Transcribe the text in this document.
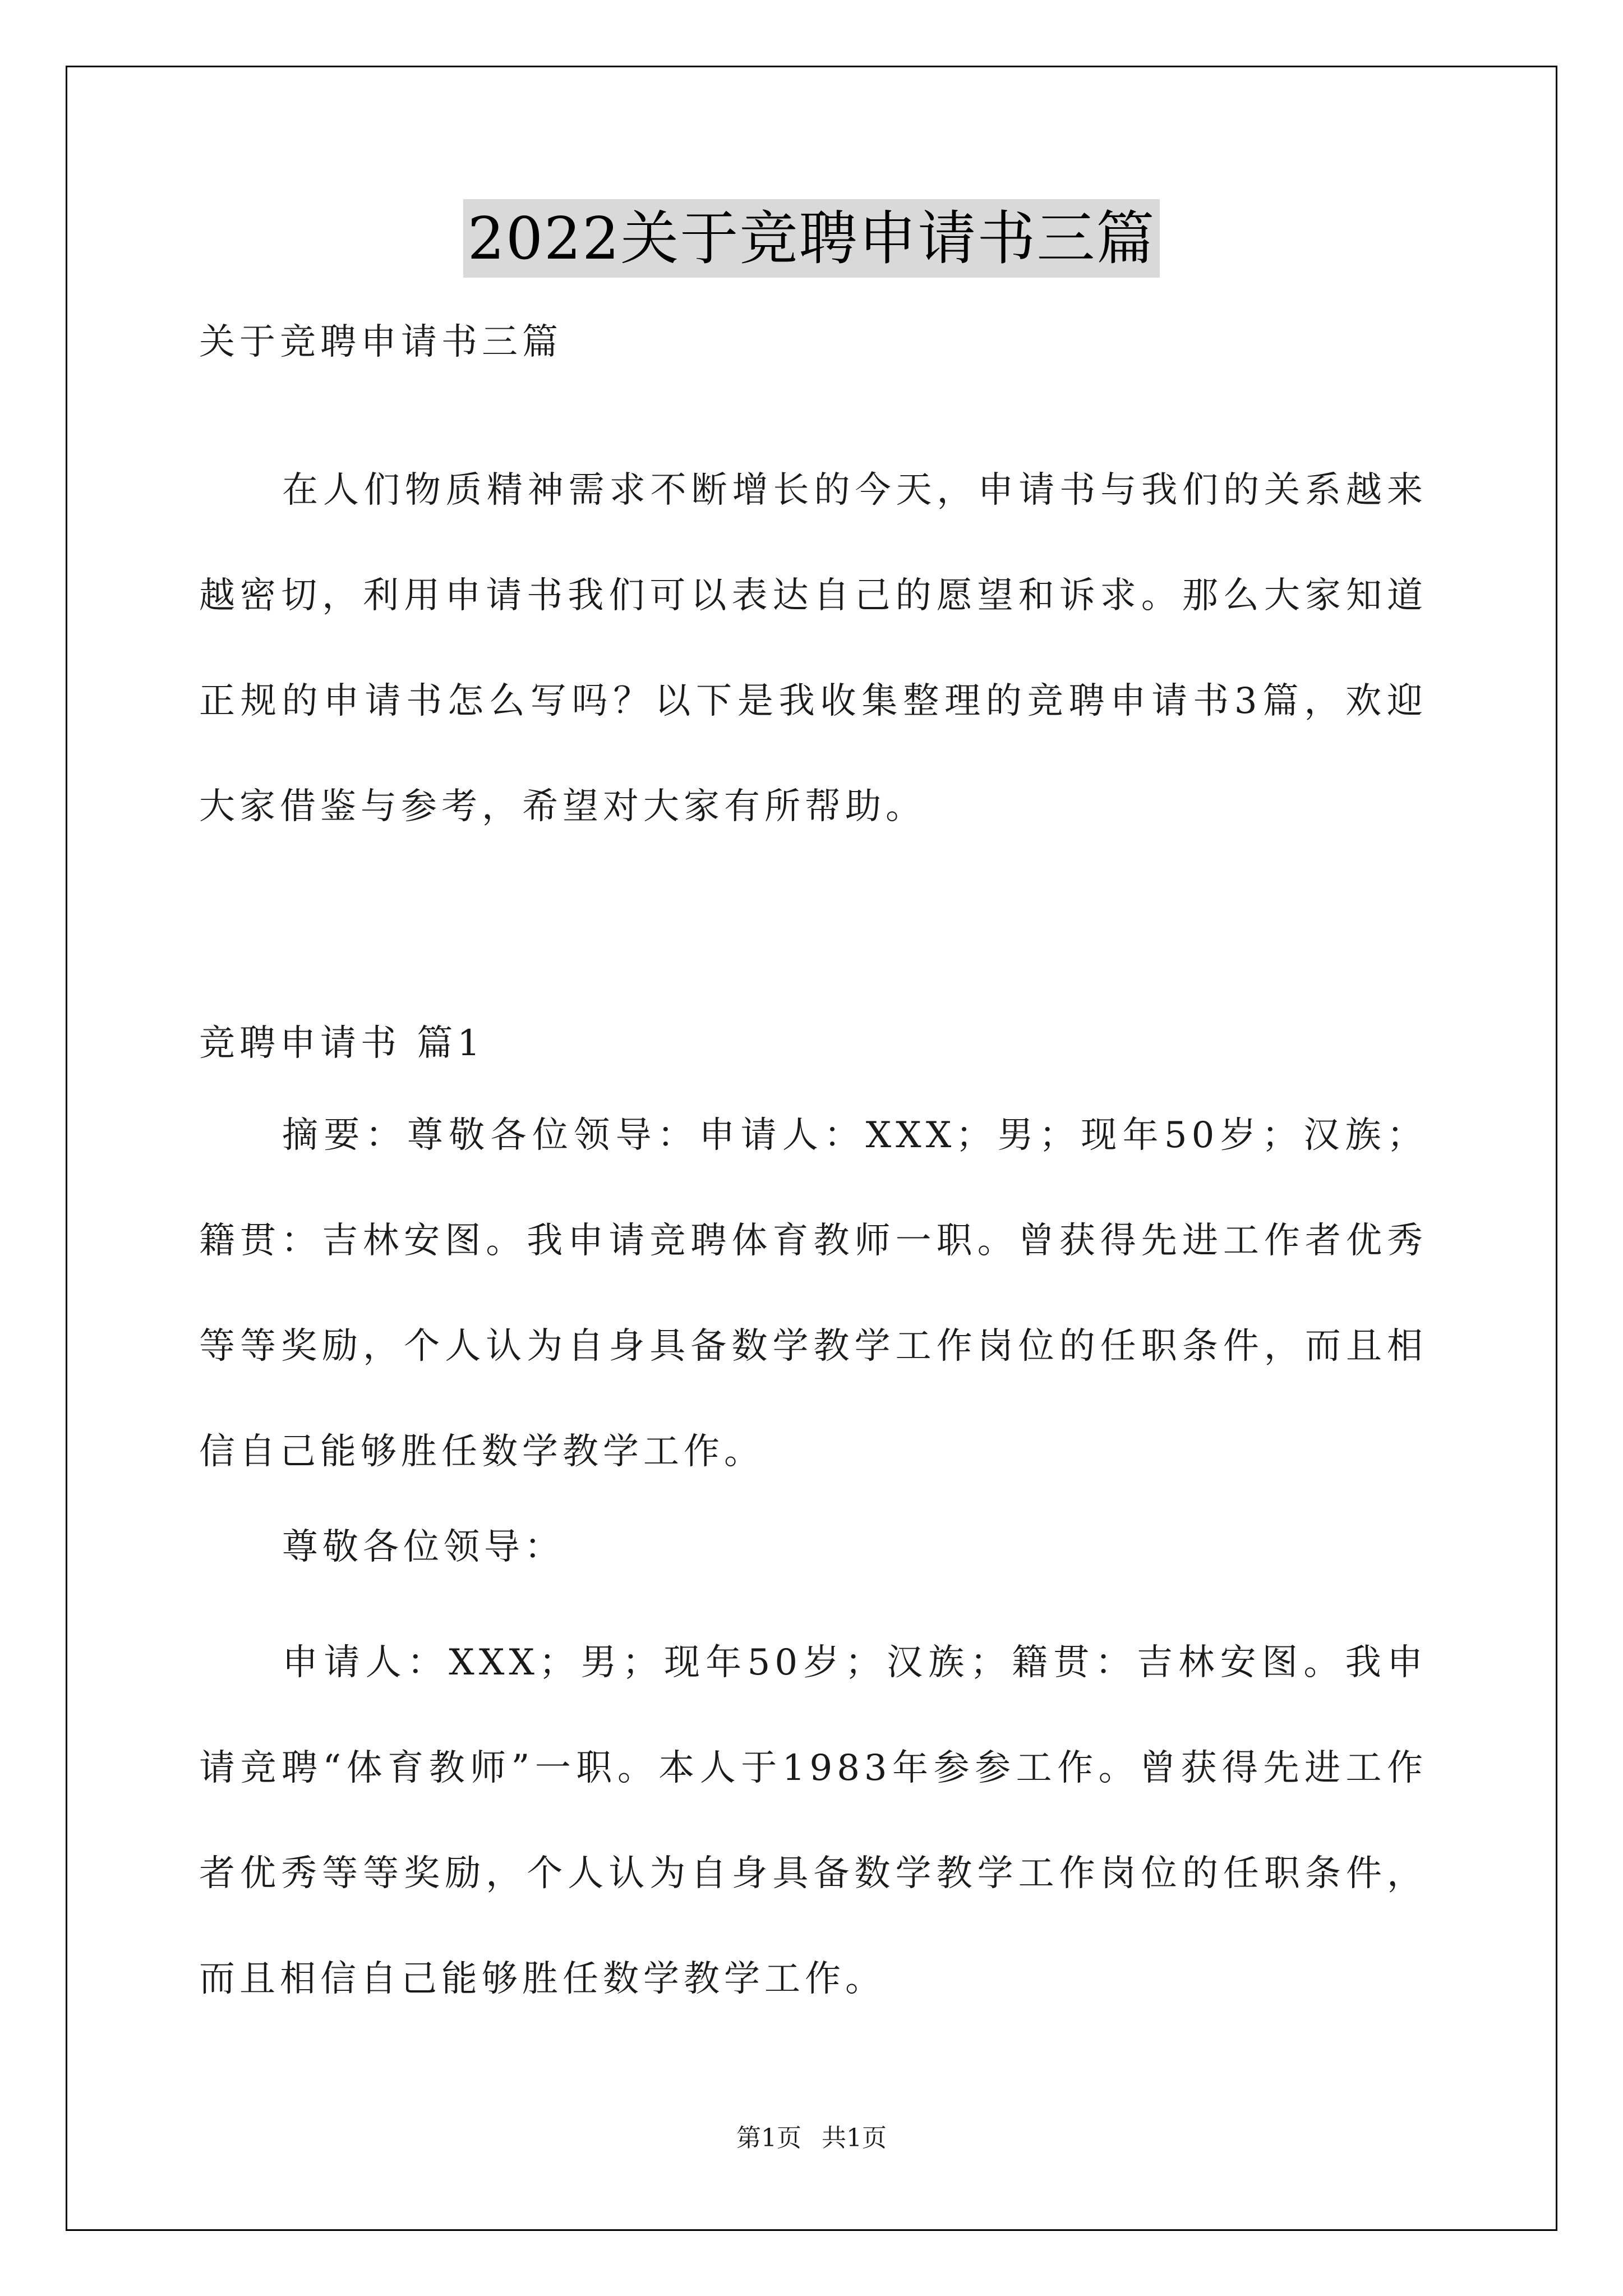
2022关于竞聘申请书三篇
关于竞聘申请书三篇
在人们物质精神需求不断增长的今天，申请书与我们的关系越来越密切，利用申请书我们可以表达自己的愿望和诉求。那么大家知道正规的申请书怎么写吗？以下是我收集整理的竞聘申请书3篇，欢迎大家借鉴与参考，希望对大家有所帮助。
竞聘申请书 篇1
摘要：尊敬各位领导：申请人：XXX；男；现年50岁；汉族；籍贯：吉林安图。我申请竞聘体育教师一职。曾获得先进工作者优秀等等奖励，个人认为自身具备数学教学工作岗位的任职条件，而且相信自己能够胜任数学教学工作。
尊敬各位领导：
申请人：XXX；男；现年50岁；汉族；籍贯：吉林安图。我申请竞聘“体育教师”一职。本人于1983年参参工作。曾获得先进工作者优秀等等奖励，个人认为自身具备数学教学工作岗位的任职条件，而且相信自己能够胜任数学教学工作。
第1页 共1页
